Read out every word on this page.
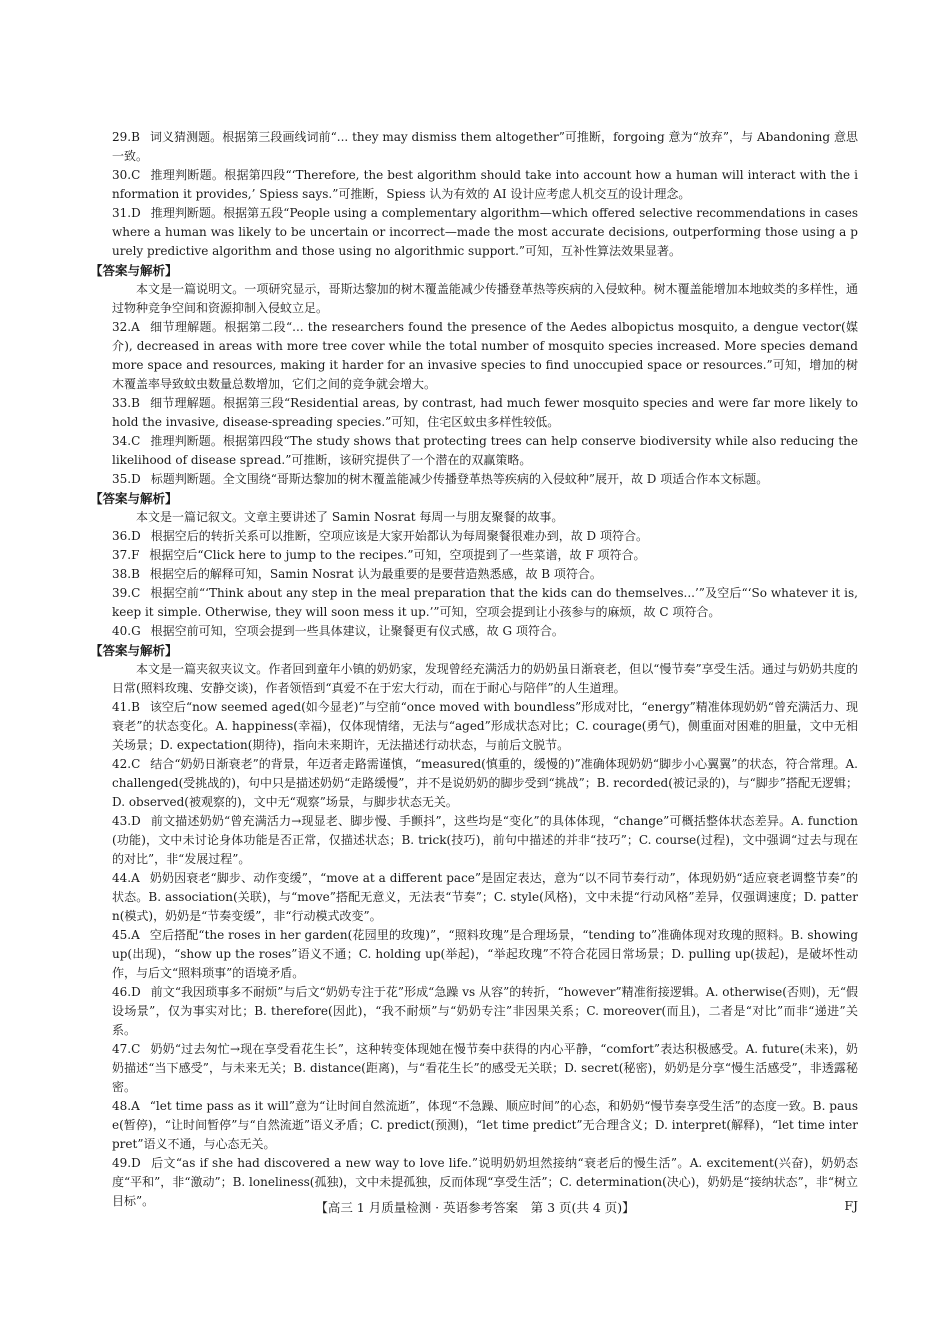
29.B 词义猜测题。根据第三段画线词前“... they may dismiss them altogether”可推断，forgoing 意为“放弃”，与 Abandoning 意思一致。

30.C 推理判断题。根据第四段“‘Therefore, the best algorithm should take into account how a human will interact with the information it provides,’ Spiess says.”可推断，Spiess 认为有效的 AI 设计应考虑人机交互的设计理念。

31.D 推理判断题。根据第五段“People using a complementary algorithm—which offered selective recommendations in cases where a human was likely to be uncertain or incorrect—made the most accurate decisions, outperforming those using a purely predictive algorithm and those using no algorithmic support.”可知，互补性算法效果显著。

【答案与解析】

本文是一篇说明文。一项研究显示，哥斯达黎加的树木覆盖能减少传播登革热等疾病的入侵蚊种。树木覆盖能增加本地蚊类的多样性，通过物种竞争空间和资源抑制入侵蚊立足。

32.A 细节理解题。根据第二段“... the researchers found the presence of the Aedes albopictus mosquito, a dengue vector(媒介), decreased in areas with more tree cover while the total number of mosquito species increased. More species demand more space and resources, making it harder for an invasive species to find unoccupied space or resources.”可知，增加的树木覆盖率导致蚊虫数量总数增加，它们之间的竞争就会增大。

33.B 细节理解题。根据第三段“Residential areas, by contrast, had much fewer mosquito species and were far more likely to hold the invasive, disease-spreading species.”可知，住宅区蚊虫多样性较低。

34.C 推理判断题。根据第四段“The study shows that protecting trees can help conserve biodiversity while also reducing the likelihood of disease spread.”可推断，该研究提供了一个潜在的双赢策略。

35.D 标题判断题。全文围绕“哥斯达黎加的树木覆盖能减少传播登革热等疾病的入侵蚊种”展开，故 D 项适合作本文标题。

【答案与解析】

本文是一篇记叙文。文章主要讲述了 Samin Nosrat 每周一与朋友聚餐的故事。

36.D 根据空后的转折关系可以推断，空项应该是大家开始都认为每周聚餐很难办到，故 D 项符合。

37.F 根据空后“Click here to jump to the recipes.”可知，空项提到了一些菜谱，故 F 项符合。

38.B 根据空后的解释可知，Samin Nosrat 认为最重要的是要营造熟悉感，故 B 项符合。

39.C 根据空前“‘Think about any step in the meal preparation that the kids can do themselves...’”及空后“‘So whatever it is, keep it simple. Otherwise, they will soon mess it up.’”可知，空项会提到让小孩参与的麻烦，故 C 项符合。

40.G 根据空前可知，空项会提到一些具体建议，让聚餐更有仪式感，故 G 项符合。

【答案与解析】

本文是一篇夹叙夹议文。作者回到童年小镇的奶奶家，发现曾经充满活力的奶奶虽日渐衰老，但以“慢节奏”享受生活。通过与奶奶共度的日常(照料玫瑰、安静交谈)，作者领悟到“真爱不在于宏大行动，而在于耐心与陪伴”的人生道理。

41.B 该空后“now seemed aged(如今显老)”与空前“once moved with boundless”形成对比，“energy”精准体现奶奶“曾充满活力、现衰老”的状态变化。A. happiness(幸福)，仅体现情绪，无法与“aged”形成状态对比；C. courage(勇气)，侧重面对困难的胆量，文中无相关场景；D. expectation(期待)，指向未来期许，无法描述行动状态，与前后文脱节。

42.C 结合“奶奶日渐衰老”的背景，年迈者走路需谨慎，“measured(慎重的，缓慢的)”准确体现奶奶“脚步小心翼翼”的状态，符合常理。A. challenged(受挑战的)，句中只是描述奶奶“走路缓慢”，并不是说奶奶的脚步受到“挑战”；B. recorded(被记录的)，与“脚步”搭配无逻辑；D. observed(被观察的)，文中无“观察”场景，与脚步状态无关。

43.D 前文描述奶奶“曾充满活力→现显老、脚步慢、手颤抖”，这些均是“变化”的具体体现，“change”可概括整体状态差异。A. function(功能)，文中未讨论身体功能是否正常，仅描述状态；B. trick(技巧)，前句中描述的并非“技巧”；C. course(过程)，文中强调“过去与现在的对比”，非“发展过程”。

44.A 奶奶因衰老“脚步、动作变缓”，“move at a different pace”是固定表达，意为“以不同节奏行动”，体现奶奶“适应衰老调整节奏”的状态。B. association(关联)，与“move”搭配无意义，无法表“节奏”；C. style(风格)，文中未提“行动风格”差异，仅强调速度；D. pattern(模式)，奶奶是“节奏变缓”，非“行动模式改变”。

45.A 空后搭配“the roses in her garden(花园里的玫瑰)”，“照料玫瑰”是合理场景，“tending to”准确体现对玫瑰的照料。B. showing up(出现)，“show up the roses”语义不通；C. holding up(举起)，“举起玫瑰”不符合花园日常场景；D. pulling up(拔起)，是破坏性动作，与后文“照料琐事”的语境矛盾。

46.D 前文“我因琐事多不耐烦”与后文“奶奶专注于花”形成“急躁 vs 从容”的转折，“however”精准衔接逻辑。A. otherwise(否则)，无“假设场景”，仅为事实对比；B. therefore(因此)，“我不耐烦”与“奶奶专注”非因果关系；C. moreover(而且)，二者是“对比”而非“递进”关系。

47.C 奶奶“过去匆忙→现在享受看花生长”，这种转变体现她在慢节奏中获得的内心平静，“comfort”表达积极感受。A. future(未来)，奶奶描述“当下感受”，与未来无关；B. distance(距离)，与“看花生长”的感受无关联；D. secret(秘密)，奶奶是分享“慢生活感受”，非透露秘密。

48.A “let time pass as it will”意为“让时间自然流逝”，体现“不急躁、顺应时间”的心态，和奶奶“慢节奏享受生活”的态度一致。B. pause(暂停)，“让时间暂停”与“自然流逝”语义矛盾；C. predict(预测)，“let time predict”无合理含义；D. interpret(解释)，“let time interpret”语义不通，与心态无关。

49.D 后文“as if she had discovered a new way to love life.”说明奶奶坦然接纳“衰老后的慢生活”。A. excitement(兴奋)，奶奶态度“平和”，非“激动”；B. loneliness(孤独)，文中未提孤独，反而体现“享受生活”；C. determination(决心)，奶奶是“接纳状态”，非“树立目标”。	【高三 1 月质量检测 · 英语参考答案　第 3 页(共 4 页)】	FJ
